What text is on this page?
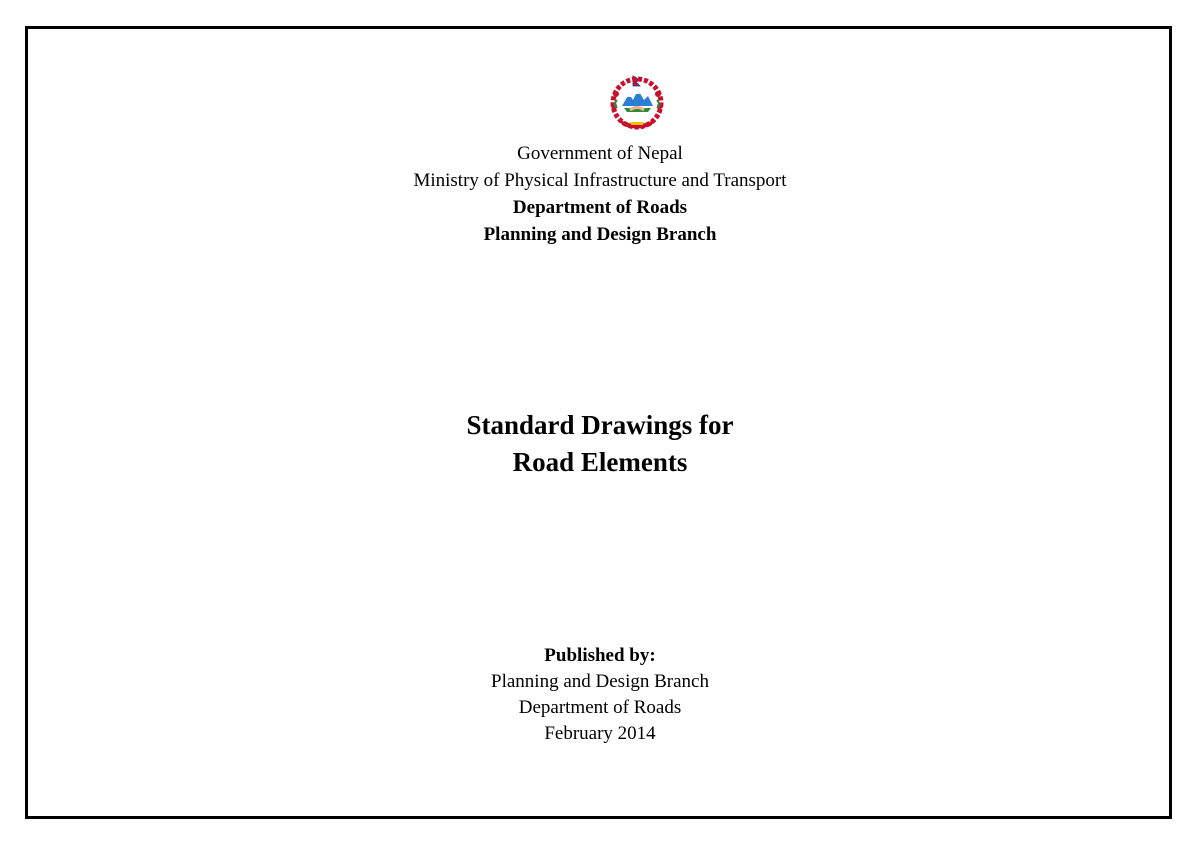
Government of Nepal
Ministry of Physical Infrastructure and Transport
Department of Roads
Planning and Design Branch
Standard Drawings for
Road Elements
Published by:
Planning and Design Branch
Department of Roads
February 2014
